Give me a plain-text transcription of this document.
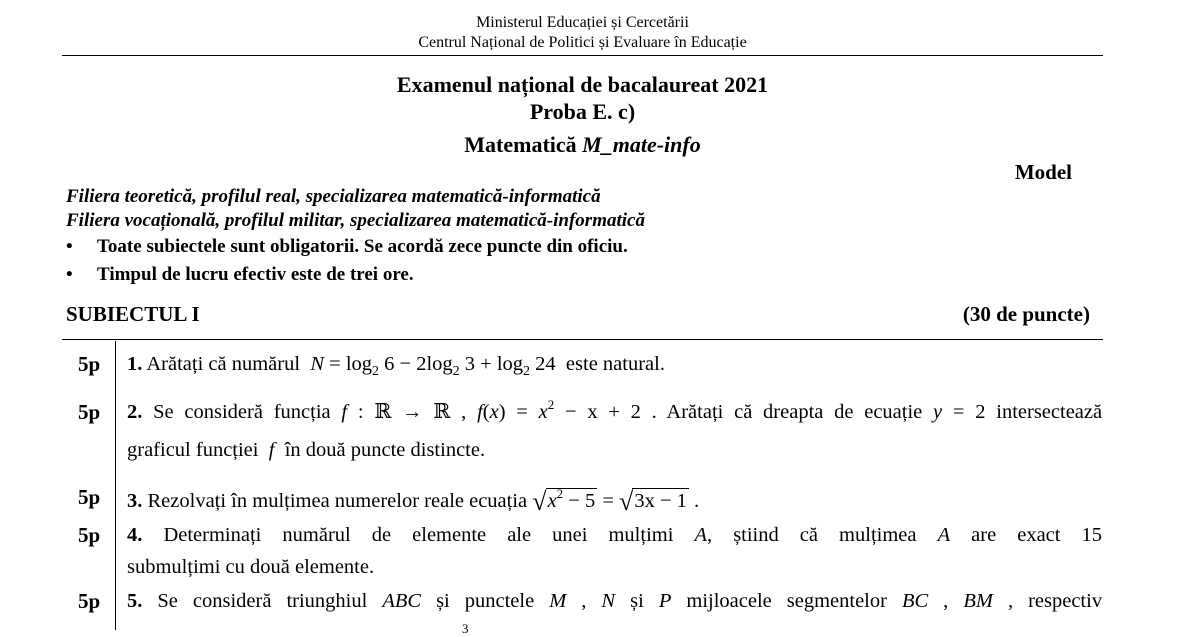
Ministerul Educației și Cercetării
Centrul Național de Politici și Evaluare în Educație
Examenul național de bacalaureat 2021
Proba E. c)
Matematică M_mate-info
Model
Filiera teoretică, profilul real, specializarea matematică-informatică
Filiera vocațională, profilul militar, specializarea matematică-informatică
• Toate subiectele sunt obligatorii. Se acordă zece puncte din oficiu.
• Timpul de lucru efectiv este de trei ore.
SUBIECTUL I	(30 de puncte)
5p 1. Arătați că numărul $N = \log_2 6 - 2\log_2$ $3 + \log_2 24$ este natural.
5p 2. Se consideră funcția f : ℝ → ℝ , $f(x) = x^2 - x + 2$ . Arătați că dreapta de ecuație y = 2 intersectează
graficul funcției f în două puncte distincte.
5p 3. Rezolvați în mulțimea numerelor reale ecuația $√x^2 - 5 = √3x - 1$ .
5p 4. Determinați numărul de elemente ale unei mulțimi A, știind că mulțimea A are exact 15
submulțimi cu două elemente.
5p 5. Se consideră triunghiul ABC și punctele M , N și P mijloacele segmentelor BC , BM , respectiv
3
